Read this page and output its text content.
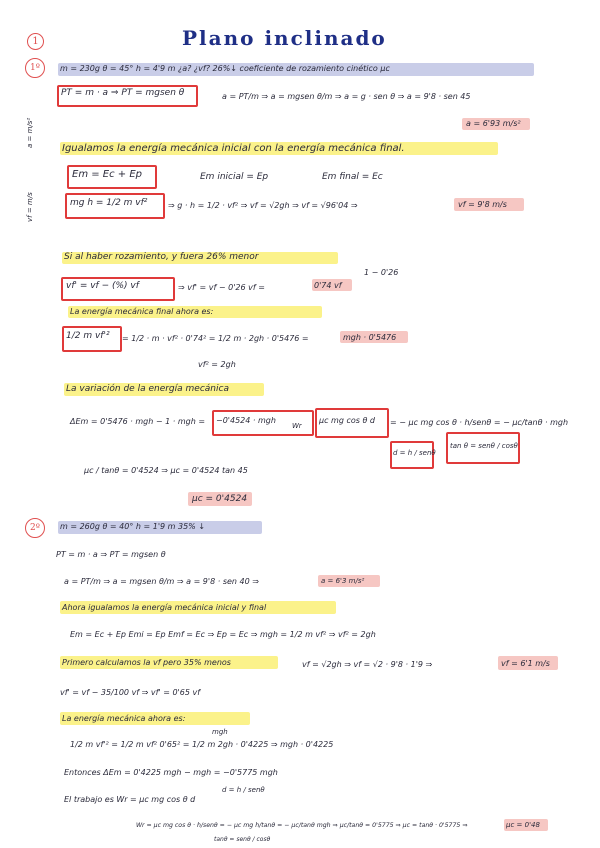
Plano inclinado
1
1º	m = 230g θ = 45° h = 4'9 m ¿a? ¿vf? 26%↓ coeficiente de rozamiento cinético μc
PT = m · a ⇒ PT = mgsen θ	a = PT/m ⇒ a = mgsen θ/m ⇒ a = g · sen θ ⇒ a = 9'8 · sen 45
a = 6'93 m/s²
a = m/s²
Igualamos la energía mecánica inicial con la energía mecánica final.
Em = Ec + Ep	Em inicial = Ep	Em final = Ec
vf = m/s	mg h = 1/2 m vf²	⇒ g · h = 1/2 · vf² ⇒ vf = √2gh ⇒ vf = √96'04 ⇒	vf = 9'8 m/s
Si al haber rozamiento, y fuera 26% menor
vf' = vf − (%) vf	⇒ vf' = vf − 0'26 vf =	0'74 vf
1 − 0'26
La energía mecánica final ahora es:
1/2 m vf'² = 1/2 · m · vf² · 0'74² = 1/2 m · 2gh · 0'5476 =	mgh · 0'5476
vf² = 2gh
La variación de la energía mecánica
ΔEm = 0'5476 · mgh − 1 · mgh = −0'4524 · mgh
Wr
μc mg cos θ d = − μc mg cos θ · h/senθ = − μc/tanθ · mgh
d = h / senθ
tan θ = senθ / cosθ
μc / tanθ = 0'4524 ⇒ μc = 0'4524 tan 45
μc = 0'4524
2º	m = 260g θ = 40° h = 1'9 m 35% ↓
PT = m · a ⇒ PT = mgsen θ
a = PT/m ⇒ a = mgsen θ/m ⇒ a = 9'8 · sen 40 ⇒	a = 6'3 m/s²
Ahora igualamos la energía mecánica inicial y final
Em = Ec + Ep Emi = Ep Emf = Ec ⇒ Ep = Ec ⇒ mgh = 1/2 m vf² ⇒ vf² = 2gh
Primero calculamos la vf pero 35% menos	vf = √2gh ⇒ vf = √2 · 9'8 · 1'9 ⇒	vf = 6'1 m/s
vf' = vf − 35/100 vf ⇒ vf' = 0'65 vf
La energía mecánica ahora es:
mgh
1/2 m vf'² = 1/2 m vf² 0'65² = 1/2 m 2gh · 0'4225 ⇒ mgh · 0'4225
Entonces ΔEm = 0'4225 mgh − mgh = −0'5775 mgh
El trabajo es Wr = μc mg cos θ d
d = h / senθ
Wr = μc mg cos θ · h/senθ = − μc mg h/tanθ = − μc/tanθ mgh ⇒ μc/tanθ = 0'5775 ⇒ μc = tanθ · 0'5775 ⇒	μc = 0'48
tanθ = senθ / cosθ
